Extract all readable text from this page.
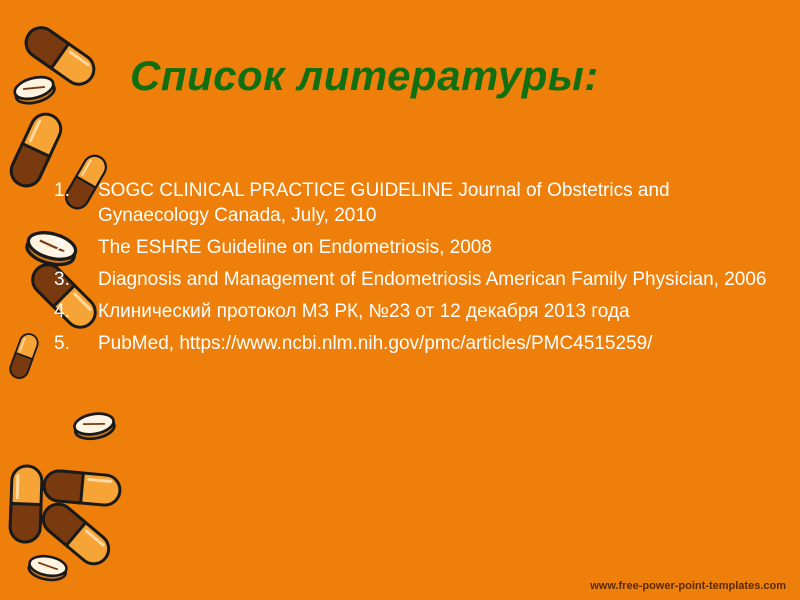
Список литературы:
1.	SOGC CLINICAL PRACTICE GUIDELINE Journal of Obstetrics and Gynaecology Canada, July, 2010
2.	The ESHRE Guideline on Endometriosis, 2008
3.	Diagnosis and Management of Endometriosis American Family Physician, 2006
4.	Клинический протокол МЗ РК, №23 от 12 декабря 2013 года
5.	PubMed, https://www.ncbi.nlm.nih.gov/pmc/articles/PMC4515259/
www.free-power-point-templates.com
